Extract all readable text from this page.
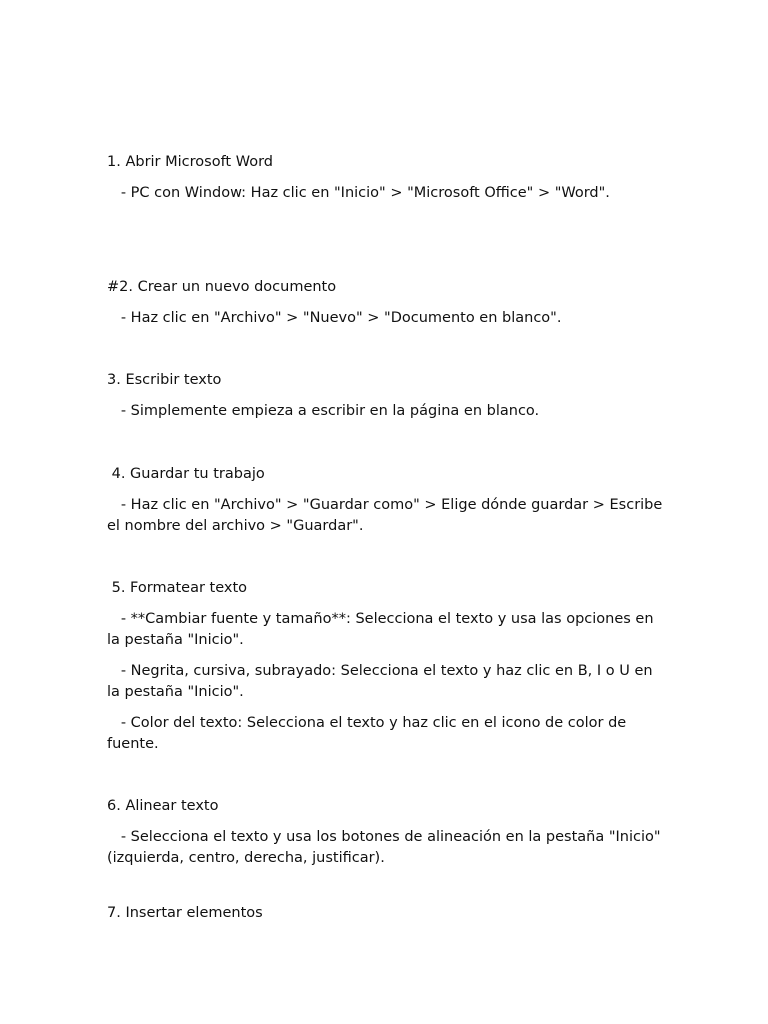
1. Abrir Microsoft Word

- PC con Window: Haz clic en "Inicio" > "Microsoft Office" > "Word".

#2. Crear un nuevo documento

- Haz clic en "Archivo" > "Nuevo" > "Documento en blanco".

3. Escribir texto

- Simplemente empieza a escribir en la página en blanco.

4. Guardar tu trabajo

- Haz clic en "Archivo" > "Guardar como" > Elige dónde guardar > Escribe el nombre del archivo > "Guardar".

5. Formatear texto

- **Cambiar fuente y tamaño**: Selecciona el texto y usa las opciones en la pestaña "Inicio".

- Negrita, cursiva, subrayado: Selecciona el texto y haz clic en B, I o U en la pestaña "Inicio".

- Color del texto: Selecciona el texto y haz clic en el icono de color de fuente.

6. Alinear texto

- Selecciona el texto y usa los botones de alineación en la pestaña "Inicio" (izquierda, centro, derecha, justificar).

7. Insertar elementos
